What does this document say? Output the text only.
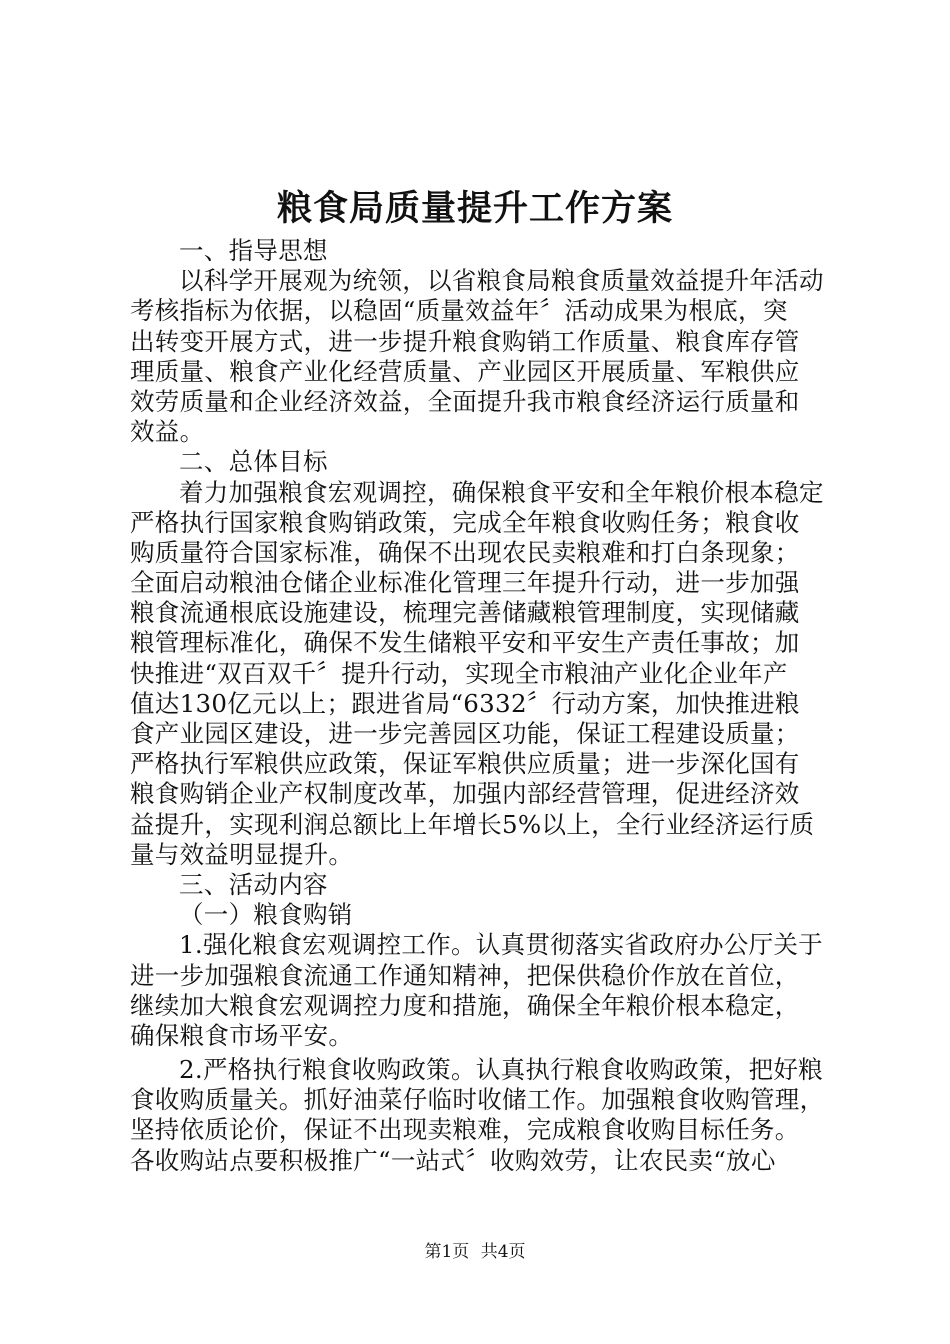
粮食局质量提升工作方案

一、指导思想

以科学开展观为统领，以省粮食局粮食质量效益提升年活动

考核指标为依据，以稳固“质量效益年〞活动成果为根底，突

出转变开展方式，进一步提升粮食购销工作质量、粮食库存管

理质量、粮食产业化经营质量、产业园区开展质量、军粮供应

效劳质量和企业经济效益，全面提升我市粮食经济运行质量和

效益。

二、总体目标

着力加强粮食宏观调控，确保粮食平安和全年粮价根本稳定

严格执行国家粮食购销政策，完成全年粮食收购任务；粮食收

购质量符合国家标准，确保不出现农民卖粮难和打白条现象；

全面启动粮油仓储企业标准化管理三年提升行动，进一步加强

粮食流通根底设施建设，梳理完善储藏粮管理制度，实现储藏

粮管理标准化，确保不发生储粮平安和平安生产责任事故；加

快推进“双百双千〞提升行动，实现全市粮油产业化企业年产

值达130亿元以上；跟进省局“6332〞行动方案，加快推进粮

食产业园区建设，进一步完善园区功能，保证工程建设质量；

严格执行军粮供应政策，保证军粮供应质量；进一步深化国有

粮食购销企业产权制度改革，加强内部经营管理，促进经济效

益提升，实现利润总额比上年增长5%以上，全行业经济运行质

量与效益明显提升。

三、活动内容

（一）粮食购销

1.强化粮食宏观调控工作。认真贯彻落实省政府办公厅关于

进一步加强粮食流通工作通知精神，把保供稳价作放在首位，

继续加大粮食宏观调控力度和措施，确保全年粮价根本稳定，

确保粮食市场平安。

2.严格执行粮食收购政策。认真执行粮食收购政策，把好粮

食收购质量关。抓好油菜仔临时收储工作。加强粮食收购管理，

坚持依质论价，保证不出现卖粮难，完成粮食收购目标任务。

各收购站点要积极推广“一站式〞收购效劳，让农民卖“放心

第1页 共4页
